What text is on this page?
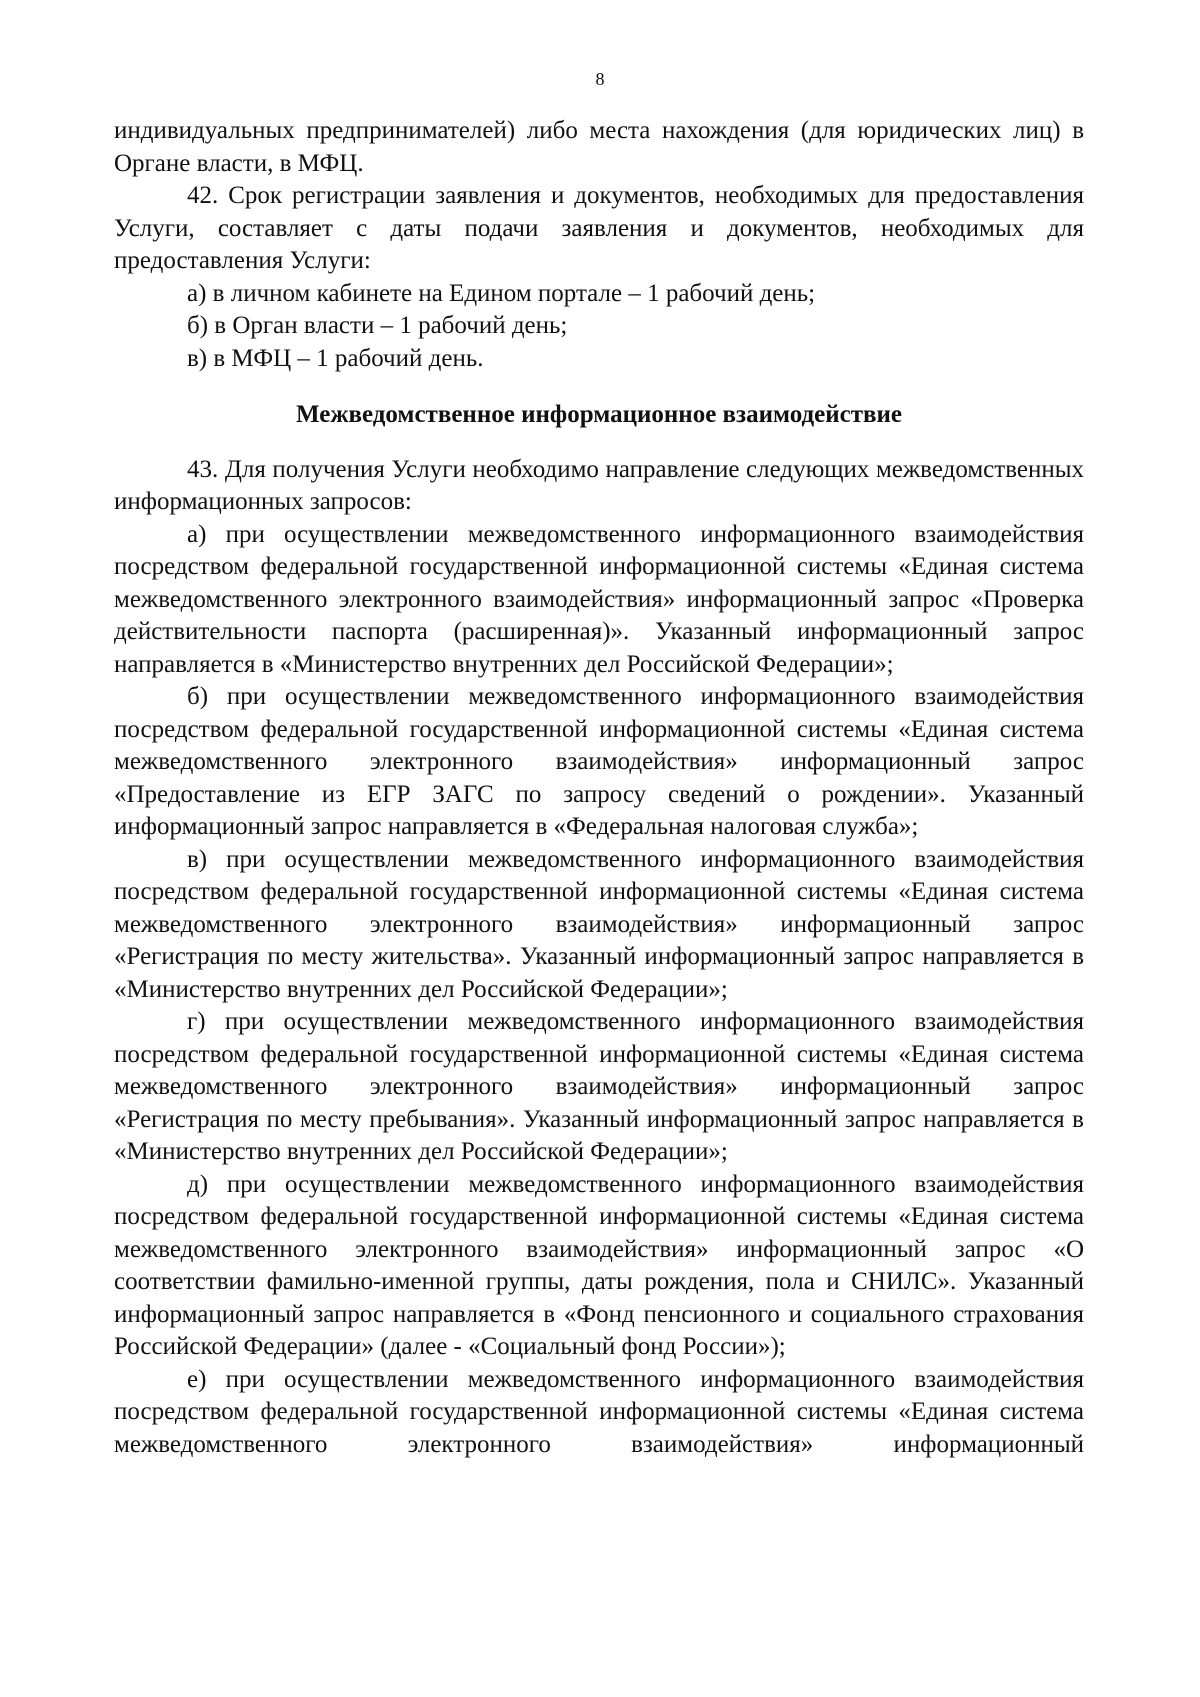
8

индивидуальных предпринимателей) либо места нахождения (для юридических лиц) в Органе власти, в МФЦ.

42. Срок регистрации заявления и документов, необходимых для предоставления Услуги, составляет с даты подачи заявления и документов, необходимых для предоставления Услуги:

а) в личном кабинете на Едином портале – 1 рабочий день;

б) в Орган власти – 1 рабочий день;

в) в МФЦ – 1 рабочий день.

Межведомственное информационное взаимодействие

43. Для получения Услуги необходимо направление следующих межведомственных информационных запросов:

а) при осуществлении межведомственного информационного взаимодействия посредством федеральной государственной информационной системы «Единая система межведомственного электронного взаимодействия» информационный запрос «Проверка действительности паспорта (расширенная)». Указанный информационный запрос направляется в «Министерство внутренних дел Российской Федерации»;

б) при осуществлении межведомственного информационного взаимодействия посредством федеральной государственной информационной системы «Единая система межведомственного электронного взаимодействия» информационный запрос «Предоставление из ЕГР ЗАГС по запросу сведений о рождении». Указанный информационный запрос направляется в «Федеральная налоговая служба»;

в) при осуществлении межведомственного информационного взаимодействия посредством федеральной государственной информационной системы «Единая система межведомственного электронного взаимодействия» информационный запрос «Регистрация по месту жительства». Указанный информационный запрос направляется в «Министерство внутренних дел Российской Федерации»;

г) при осуществлении межведомственного информационного взаимодействия посредством федеральной государственной информационной системы «Единая система межведомственного электронного взаимодействия» информационный запрос «Регистрация по месту пребывания». Указанный информационный запрос направляется в «Министерство внутренних дел Российской Федерации»;

д) при осуществлении межведомственного информационного взаимодействия посредством федеральной государственной информационной системы «Единая система межведомственного электронного взаимодействия» информационный запрос «О соответствии фамильно-именной группы, даты рождения, пола и СНИЛС». Указанный информационный запрос направляется в «Фонд пенсионного и социального страхования Российской Федерации» (далее - «Социальный фонд России»);

е) при осуществлении межведомственного информационного взаимодействия посредством федеральной государственной информационной системы «Единая система межведомственного электронного взаимодействия» информационный
